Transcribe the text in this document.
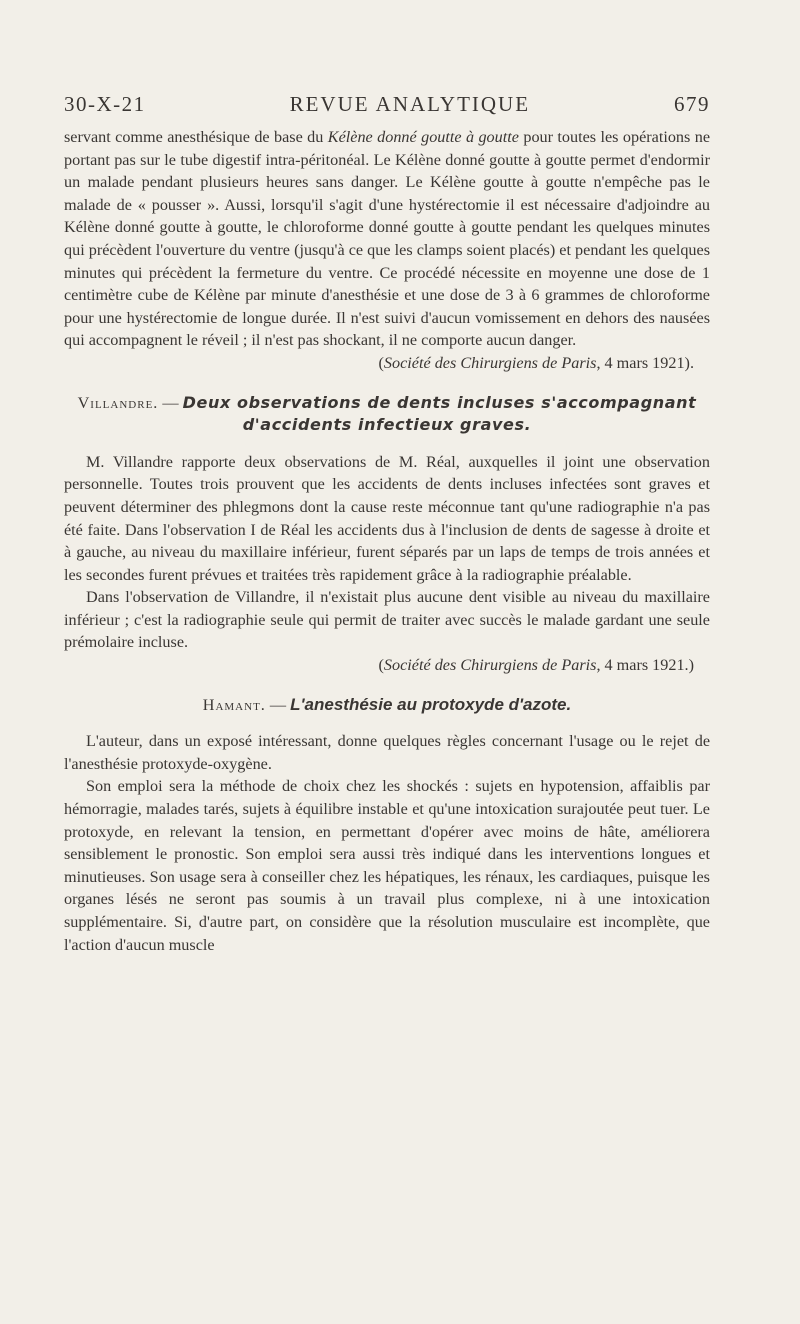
30-X-21	REVUE ANALYTIQUE	679

servant comme anesthésique de base du Kélène donné goutte à goutte pour toutes les opérations ne portant pas sur le tube digestif intra-péritonéal. Le Kélène donné goutte à goutte permet d'endormir un malade pendant plusieurs heures sans danger. Le Kélène goutte à goutte n'empêche pas le malade de « pousser ». Aussi, lorsqu'il s'agit d'une hystérectomie il est nécessaire d'adjoindre au Kélène donné goutte à goutte, le chloroforme donné goutte à goutte pendant les quelques minutes qui précèdent l'ouverture du ventre (jusqu'à ce que les clamps soient placés) et pendant les quelques minutes qui précèdent la fermeture du ventre. Ce procédé nécessite en moyenne une dose de 1 centimètre cube de Kélène par minute d'anesthésie et une dose de 3 à 6 grammes de chloroforme pour une hystérectomie de longue durée. Il n'est suivi d'aucun vomissement en dehors des nausées qui accompagnent le réveil ; il n'est pas shockant, il ne comporte aucun danger.

(Société des Chirurgiens de Paris, 4 mars 1921).

Villandre. — Deux observations de dents incluses s'accompagnant
d'accidents infectieux graves.

M. Villandre rapporte deux observations de M. Réal, auxquelles il joint une observation personnelle. Toutes trois prouvent que les accidents de dents incluses infectées sont graves et peuvent déterminer des phlegmons dont la cause reste méconnue tant qu'une radiographie n'a pas été faite. Dans l'observation I de Réal les accidents dus à l'inclusion de dents de sagesse à droite et à gauche, au niveau du maxillaire inférieur, furent séparés par un laps de temps de trois années et les secondes furent prévues et traitées très rapidement grâce à la radiographie préalable.

Dans l'observation de Villandre, il n'existait plus aucune dent visible au niveau du maxillaire inférieur ; c'est la radiographie seule qui permit de traiter avec succès le malade gardant une seule prémolaire incluse.

(Société des Chirurgiens de Paris, 4 mars 1921.)

Hamant. — L'anesthésie au protoxyde d'azote.

L'auteur, dans un exposé intéressant, donne quelques règles concernant l'usage ou le rejet de l'anesthésie protoxyde-oxygène.

Son emploi sera la méthode de choix chez les shockés : sujets en hypotension, affaiblis par hémorragie, malades tarés, sujets à équilibre instable et qu'une intoxication surajoutée peut tuer. Le protoxyde, en relevant la tension, en permettant d'opérer avec moins de hâte, améliorera sensiblement le pronostic. Son emploi sera aussi très indiqué dans les interventions longues et minutieuses. Son usage sera à conseiller chez les hépatiques, les rénaux, les cardiaques, puisque les organes lésés ne seront pas soumis à un travail plus complexe, ni à une intoxication supplémentaire. Si, d'autre part, on considère que la résolution musculaire est incomplète, que l'action d'aucun muscle
